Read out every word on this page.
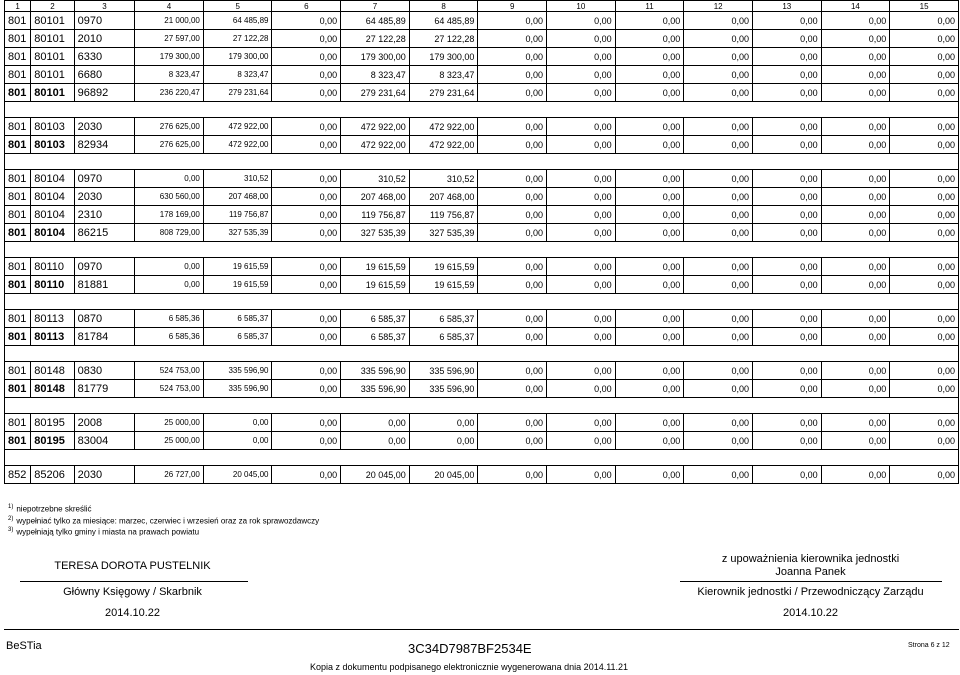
1	2	3	4	5	6	7	8	9	10	11	12	13	14	15
801	80101	0970	21 000,00	64 485,89	0,00	64 485,89	64 485,89	0,00	0,00	0,00	0,00	0,00	0,00	0,00
801	80101	2010	27 597,00	27 122,28	0,00	27 122,28	27 122,28	0,00	0,00	0,00	0,00	0,00	0,00	0,00
801	80101	6330	179 300,00	179 300,00	0,00	179 300,00	179 300,00	0,00	0,00	0,00	0,00	0,00	0,00	0,00
801	80101	6680	8 323,47	8 323,47	0,00	8 323,47	8 323,47	0,00	0,00	0,00	0,00	0,00	0,00	0,00
801	80101	96892	236 220,47	279 231,64	0,00	279 231,64	279 231,64	0,00	0,00	0,00	0,00	0,00	0,00	0,00

801	80103	2030	276 625,00	472 922,00	0,00	472 922,00	472 922,00	0,00	0,00	0,00	0,00	0,00	0,00	0,00
801	80103	82934	276 625,00	472 922,00	0,00	472 922,00	472 922,00	0,00	0,00	0,00	0,00	0,00	0,00	0,00

801	80104	0970	0,00	310,52	0,00	310,52	310,52	0,00	0,00	0,00	0,00	0,00	0,00	0,00
801	80104	2030	630 560,00	207 468,00	0,00	207 468,00	207 468,00	0,00	0,00	0,00	0,00	0,00	0,00	0,00
801	80104	2310	178 169,00	119 756,87	0,00	119 756,87	119 756,87	0,00	0,00	0,00	0,00	0,00	0,00	0,00
801	80104	86215	808 729,00	327 535,39	0,00	327 535,39	327 535,39	0,00	0,00	0,00	0,00	0,00	0,00	0,00

801	80110	0970	0,00	19 615,59	0,00	19 615,59	19 615,59	0,00	0,00	0,00	0,00	0,00	0,00	0,00
801	80110	81881	0,00	19 615,59	0,00	19 615,59	19 615,59	0,00	0,00	0,00	0,00	0,00	0,00	0,00

801	80113	0870	6 585,36	6 585,37	0,00	6 585,37	6 585,37	0,00	0,00	0,00	0,00	0,00	0,00	0,00
801	80113	81784	6 585,36	6 585,37	0,00	6 585,37	6 585,37	0,00	0,00	0,00	0,00	0,00	0,00	0,00

801	80148	0830	524 753,00	335 596,90	0,00	335 596,90	335 596,90	0,00	0,00	0,00	0,00	0,00	0,00	0,00
801	80148	81779	524 753,00	335 596,90	0,00	335 596,90	335 596,90	0,00	0,00	0,00	0,00	0,00	0,00	0,00

801	80195	2008	25 000,00	0,00	0,00	0,00	0,00	0,00	0,00	0,00	0,00	0,00	0,00	0,00
801	80195	83004	25 000,00	0,00	0,00	0,00	0,00	0,00	0,00	0,00	0,00	0,00	0,00	0,00

852	85206	2030	26 727,00	20 045,00	0,00	20 045,00	20 045,00	0,00	0,00	0,00	0,00	0,00	0,00	0,00
$^{1)}$ niepotrzebne skreślić
$^{2)}$ wypełniać tylko za miesiące: marzec, czerwiec i wrzesień oraz za rok sprawozdawczy
$^{3)}$ wypełniają tylko gminy i miasta na prawach powiatu
TERESA DOROTA PUSTELNIK
Główny Księgowy / Skarbnik
2014.10.22
z upoważnienia kierownika jednostki
Joanna Panek
Kierownik jednostki / Przewodniczący Zarządu
2014.10.22
BeSTia	3C34D7987BF2534E	Strona 6 z 12
Kopia z dokumentu podpisanego elektronicznie wygenerowana dnia 2014.11.21
